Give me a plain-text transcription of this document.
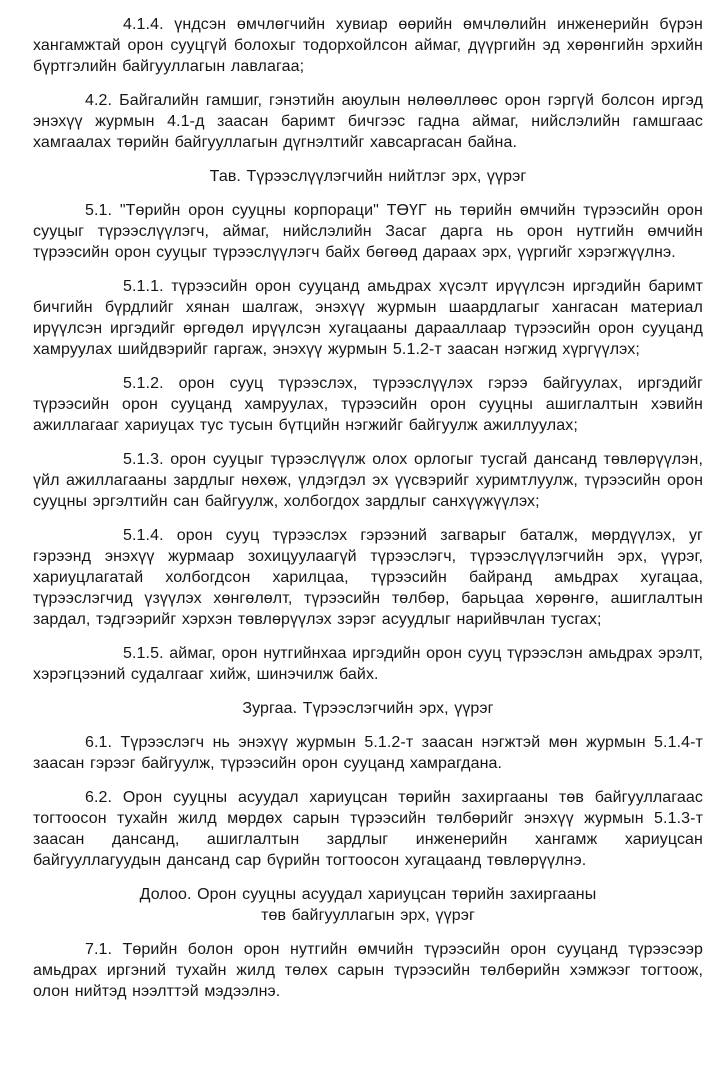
4.1.4. үндсэн өмчлөгчийн хувиар өөрийн өмчлөлийн инженерийн бүрэн хангамжтай орон сууцгүй болохыг тодорхойлсон аймаг, дүүргийн эд хөрөнгийн эрхийн бүртгэлийн байгууллагын лавлагаа;

4.2. Байгалийн гамшиг, гэнэтийн аюулын нөлөөллөөс орон гэргүй болсон иргэд энэхүү журмын 4.1-д заасан баримт бичгээс гадна аймаг, нийслэлийн гамшгаас хамгаалах төрийн байгууллагын дүгнэлтийг хавсаргасан байна.

Тав. Түрээслүүлэгчийн нийтлэг эрх, үүрэг

5.1. "Төрийн орон сууцны корпораци" ТӨҮГ нь төрийн өмчийн түрээсийн орон сууцыг түрээслүүлэгч, аймаг, нийслэлийн Засаг дарга нь орон нутгийн өмчийн түрээсийн орон сууцыг түрээслүүлэгч байх бөгөөд дараах эрх, үүргийг хэрэгжүүлнэ.

5.1.1. түрээсийн орон сууцанд амьдрах хүсэлт ирүүлсэн иргэдийн баримт бичгийн бүрдлийг хянан шалгаж, энэхүү журмын шаардлагыг хангасан материал ирүүлсэн иргэдийг өргөдөл ирүүлсэн хугацааны дарааллаар түрээсийн орон сууцанд хамруулах шийдвэрийг гаргаж, энэхүү журмын 5.1.2-т заасан нэгжид хүргүүлэх;

5.1.2. орон сууц түрээслэх, түрээслүүлэх гэрээ байгуулах, иргэдийг түрээсийн орон сууцанд хамруулах, түрээсийн орон сууцны ашиглалтын хэвийн ажиллагааг хариуцах тус тусын бүтцийн нэгжийг байгуулж ажиллуулах;

5.1.3. орон сууцыг түрээслүүлж олох орлогыг тусгай дансанд төвлөрүүлэн, үйл ажиллагааны зардлыг нөхөж, үлдэгдэл эх үүсвэрийг хуримтлуулж, түрээсийн орон сууцны эргэлтийн сан байгуулж, холбогдох зардлыг санхүүжүүлэх;

5.1.4. орон сууц түрээслэх гэрээний загварыг баталж, мөрдүүлэх, уг гэрээнд энэхүү журмаар зохицуулаагүй түрээслэгч, түрээслүүлэгчийн эрх, үүрэг, хариуцлагатай холбогдсон харилцаа, түрээсийн байранд амьдрах хугацаа, түрээслэгчид үзүүлэх хөнгөлөлт, түрээсийн төлбөр, барьцаа хөрөнгө, ашиглалтын зардал, тэдгээрийг хэрхэн төвлөрүүлэх зэрэг асуудлыг нарийвчлан тусгах;

5.1.5. аймаг, орон нутгийнхаа иргэдийн орон сууц түрээслэн амьдрах эрэлт, хэрэгцээний судалгааг хийж, шинэчилж байх.

Зургаа. Түрээслэгчийн эрх, үүрэг

6.1. Түрээслэгч нь энэхүү журмын 5.1.2-т заасан нэгжтэй мөн журмын 5.1.4-т заасан гэрээг байгуулж, түрээсийн орон сууцанд хамрагдана.

6.2. Орон сууцны асуудал хариуцсан төрийн захиргааны төв байгууллагаас тогтоосон тухайн жилд мөрдөх сарын түрээсийн төлбөрийг энэхүү журмын 5.1.3-т заасан дансанд, ашиглалтын зардлыг инженерийн хангамж хариуцсан байгууллагуудын дансанд сар бүрийн тогтоосон хугацаанд төвлөрүүлнэ.

Долоо. Орон сууцны асуудал хариуцсан төрийн захиргааны
төв байгууллагын эрх, үүрэг

7.1. Төрийн болон орон нутгийн өмчийн түрээсийн орон сууцанд түрээсээр амьдрах иргэний тухайн жилд төлөх сарын түрээсийн төлбөрийн хэмжээг тогтоож, олон нийтэд нээлттэй мэдээлнэ.
